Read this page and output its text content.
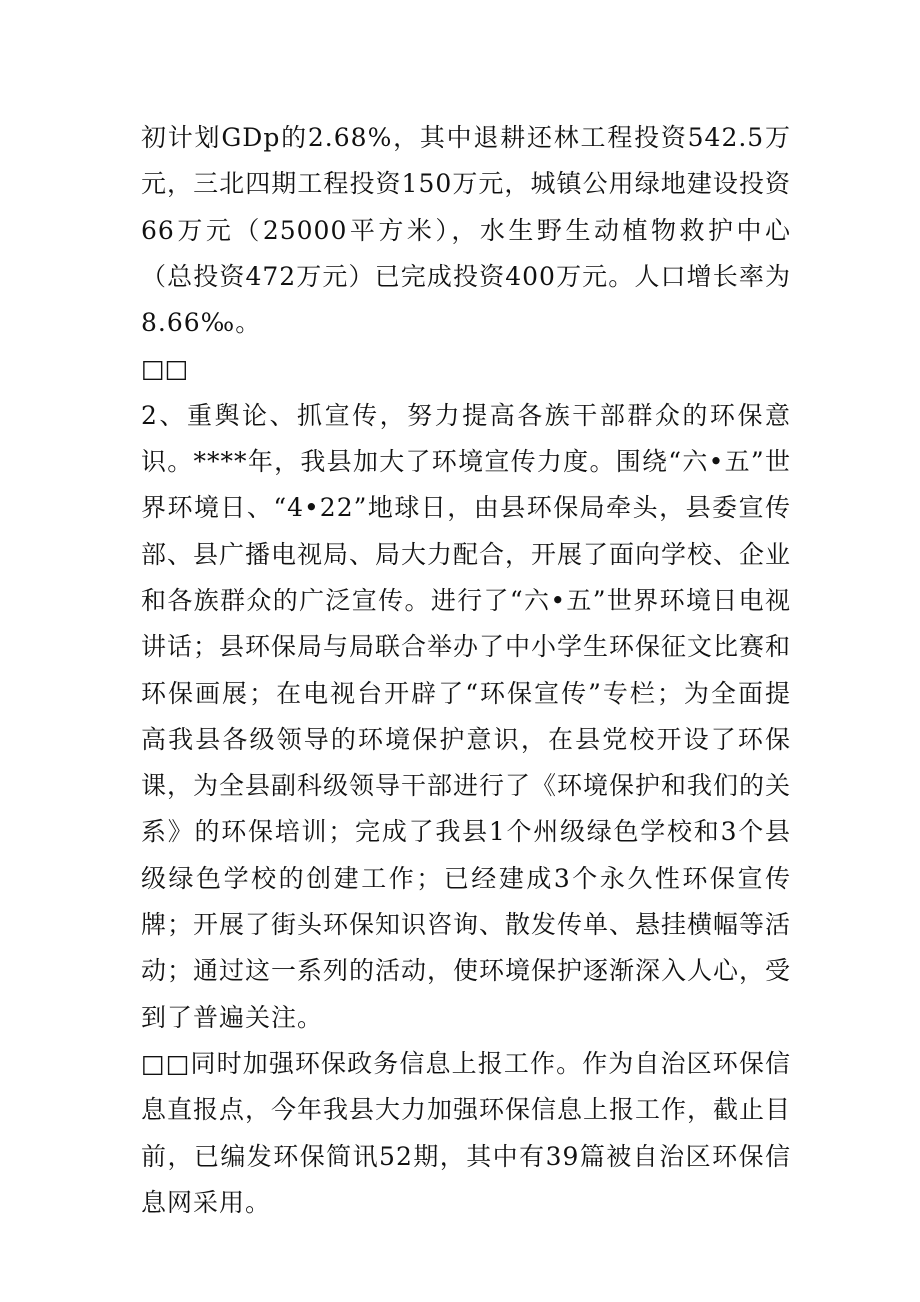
初计划GDp的2.68%，其中退耕还林工程投资542.5万元，三北四期工程投资150万元，城镇公用绿地建设投资66万元（25000平方米），水生野生动植物救护中心（总投资472万元）已完成投资400万元。人口增长率为8.66‰。

□□

2、重舆论、抓宣传，努力提高各族干部群众的环保意识。****年，我县加大了环境宣传力度。围绕“六•五”世界环境日、“4•22”地球日，由县环保局牵头，县委宣传部、县广播电视局、局大力配合，开展了面向学校、企业和各族群众的广泛宣传。进行了“六•五”世界环境日电视讲话；县环保局与局联合举办了中小学生环保征文比赛和环保画展；在电视台开辟了“环保宣传”专栏；为全面提高我县各级领导的环境保护意识，在县党校开设了环保课，为全县副科级领导干部进行了《环境保护和我们的关系》的环保培训；完成了我县1个州级绿色学校和3个县级绿色学校的创建工作；已经建成3个永久性环保宣传牌；开展了街头环保知识咨询、散发传单、悬挂横幅等活动；通过这一系列的活动，使环境保护逐渐深入人心，受到了普遍关注。

□□同时加强环保政务信息上报工作。作为自治区环保信息直报点，今年我县大力加强环保信息上报工作，截止目前，已编发环保简讯52期，其中有39篇被自治区环保信息网采用。
